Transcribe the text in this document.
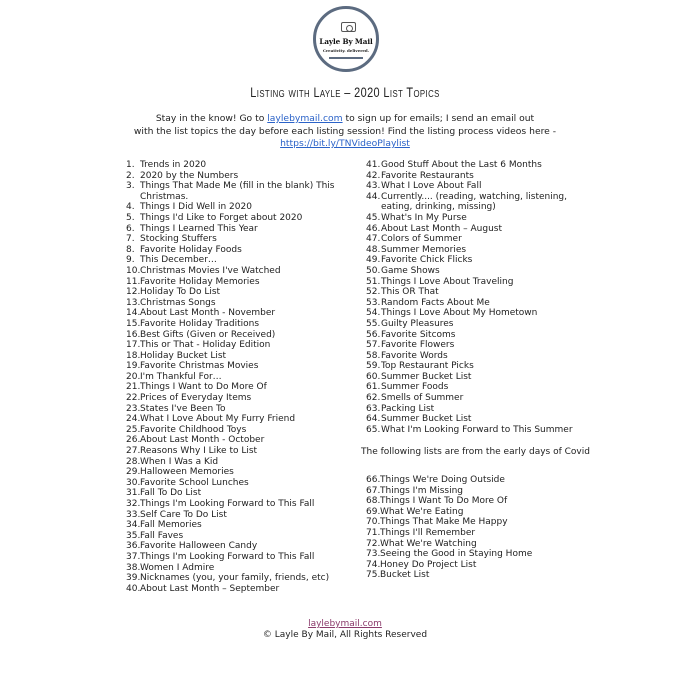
Layle By Mail
Creativity. delivered.
Listing with Layle – 2020 List Topics
Stay in the know! Go to laylebymail.com to sign up for emails; I send an email out
with the list topics the day before each listing session! Find the listing process videos here -
https://bit.ly/TNVideoPlaylist
1. Trends in 2020
2. 2020 by the Numbers
3. Things That Made Me (fill in the blank) This Christmas.
4. Things I Did Well in 2020
5. Things I'd Like to Forget about 2020
6. Things I Learned This Year
7. Stocking Stuffers
8. Favorite Holiday Foods
9. This December…
10. Christmas Movies I've Watched
11. Favorite Holiday Memories
12. Holiday To Do List
13. Christmas Songs
14. About Last Month - November
15. Favorite Holiday Traditions
16. Best Gifts (Given or Received)
17. This or That - Holiday Edition
18. Holiday Bucket List
19. Favorite Christmas Movies
20. I'm Thankful For…
21. Things I Want to Do More Of
22. Prices of Everyday Items
23. States I've Been To
24. What I Love About My Furry Friend
25. Favorite Childhood Toys
26. About Last Month - October
27. Reasons Why I Like to List
28. When I Was a Kid
29. Halloween Memories
30. Favorite School Lunches
31. Fall To Do List
32. Things I'm Looking Forward to This Fall
33. Self Care To Do List
34. Fall Memories
35. Fall Faves
36. Favorite Halloween Candy
37. Things I'm Looking Forward to This Fall
38. Women I Admire
39. Nicknames (you, your family, friends, etc)
40. About Last Month – September
41. Good Stuff About the Last 6 Months
42. Favorite Restaurants
43. What I Love About Fall
44. Currently.... (reading, watching, listening, eating, drinking, missing)
45. What's In My Purse
46. About Last Month – August
47. Colors of Summer
48. Summer Memories
49. Favorite Chick Flicks
50. Game Shows
51. Things I Love About Traveling
52. This OR That
53. Random Facts About Me
54. Things I Love About My Hometown
55. Guilty Pleasures
56. Favorite Sitcoms
57. Favorite Flowers
58. Favorite Words
59. Top Restaurant Picks
60. Summer Bucket List
61. Summer Foods
62. Smells of Summer
63. Packing List
64. Summer Bucket List
65. What I'm Looking Forward to This Summer
The following lists are from the early days of Covid
66. Things We're Doing Outside
67. Things I'm Missing
68. Things I Want To Do More Of
69. What We're Eating
70. Things That Make Me Happy
71. Things I'll Remember
72. What We're Watching
73. Seeing the Good in Staying Home
74. Honey Do Project List
75. Bucket List
laylebymail.com
© Layle By Mail, All Rights Reserved
